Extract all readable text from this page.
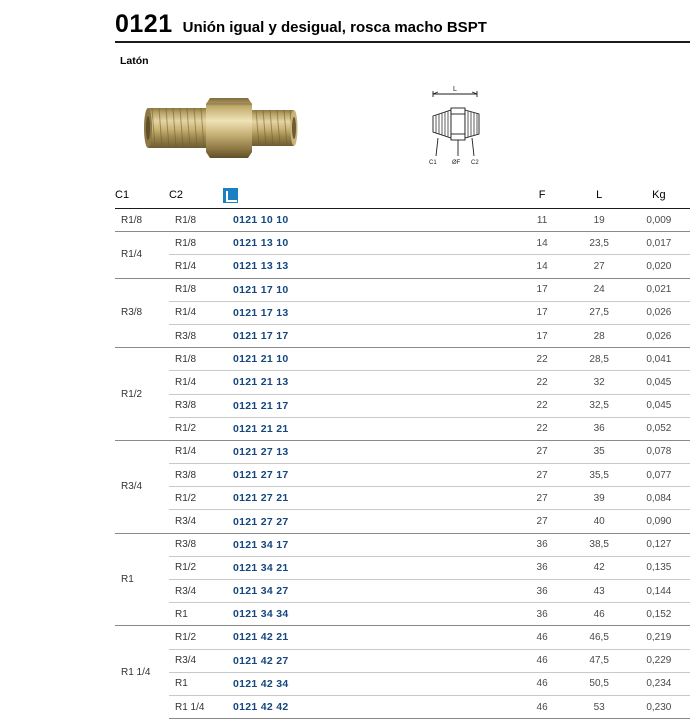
0121 Unión igual y desigual, rosca macho BSPT
Latón
L
C1	ØF C2
C1	C2		F	L	Kg
R1/8	R1/8	0121 10 10	11	19	0,009
R1/4	R1/8	0121 13 10	14	23,5	0,017
	R1/4	0121 13 13	14	27	0,020
R3/8	R1/8	0121 17 10	17	24	0,021
	R1/4	0121 17 13	17	27,5	0,026
	R3/8	0121 17 17	17	28	0,026
R1/2	R1/8	0121 21 10	22	28,5	0,041
	R1/4	0121 21 13	22	32	0,045
	R3/8	0121 21 17	22	32,5	0,045
	R1/2	0121 21 21	22	36	0,052
R3/4	R1/4	0121 27 13	27	35	0,078
	R3/8	0121 27 17	27	35,5	0,077
	R1/2	0121 27 21	27	39	0,084
	R3/4	0121 27 27	27	40	0,090
R1	R3/8	0121 34 17	36	38,5	0,127
	R1/2	0121 34 21	36	42	0,135
	R3/4	0121 34 27	36	43	0,144
	R1	0121 34 34	36	46	0,152
R1 1/4	R1/2	0121 42 21	46	46,5	0,219
	R3/4	0121 42 27	46	47,5	0,229
	R1	0121 42 34	46	50,5	0,234
	R1 1/4	0121 42 42	46	53	0,230
